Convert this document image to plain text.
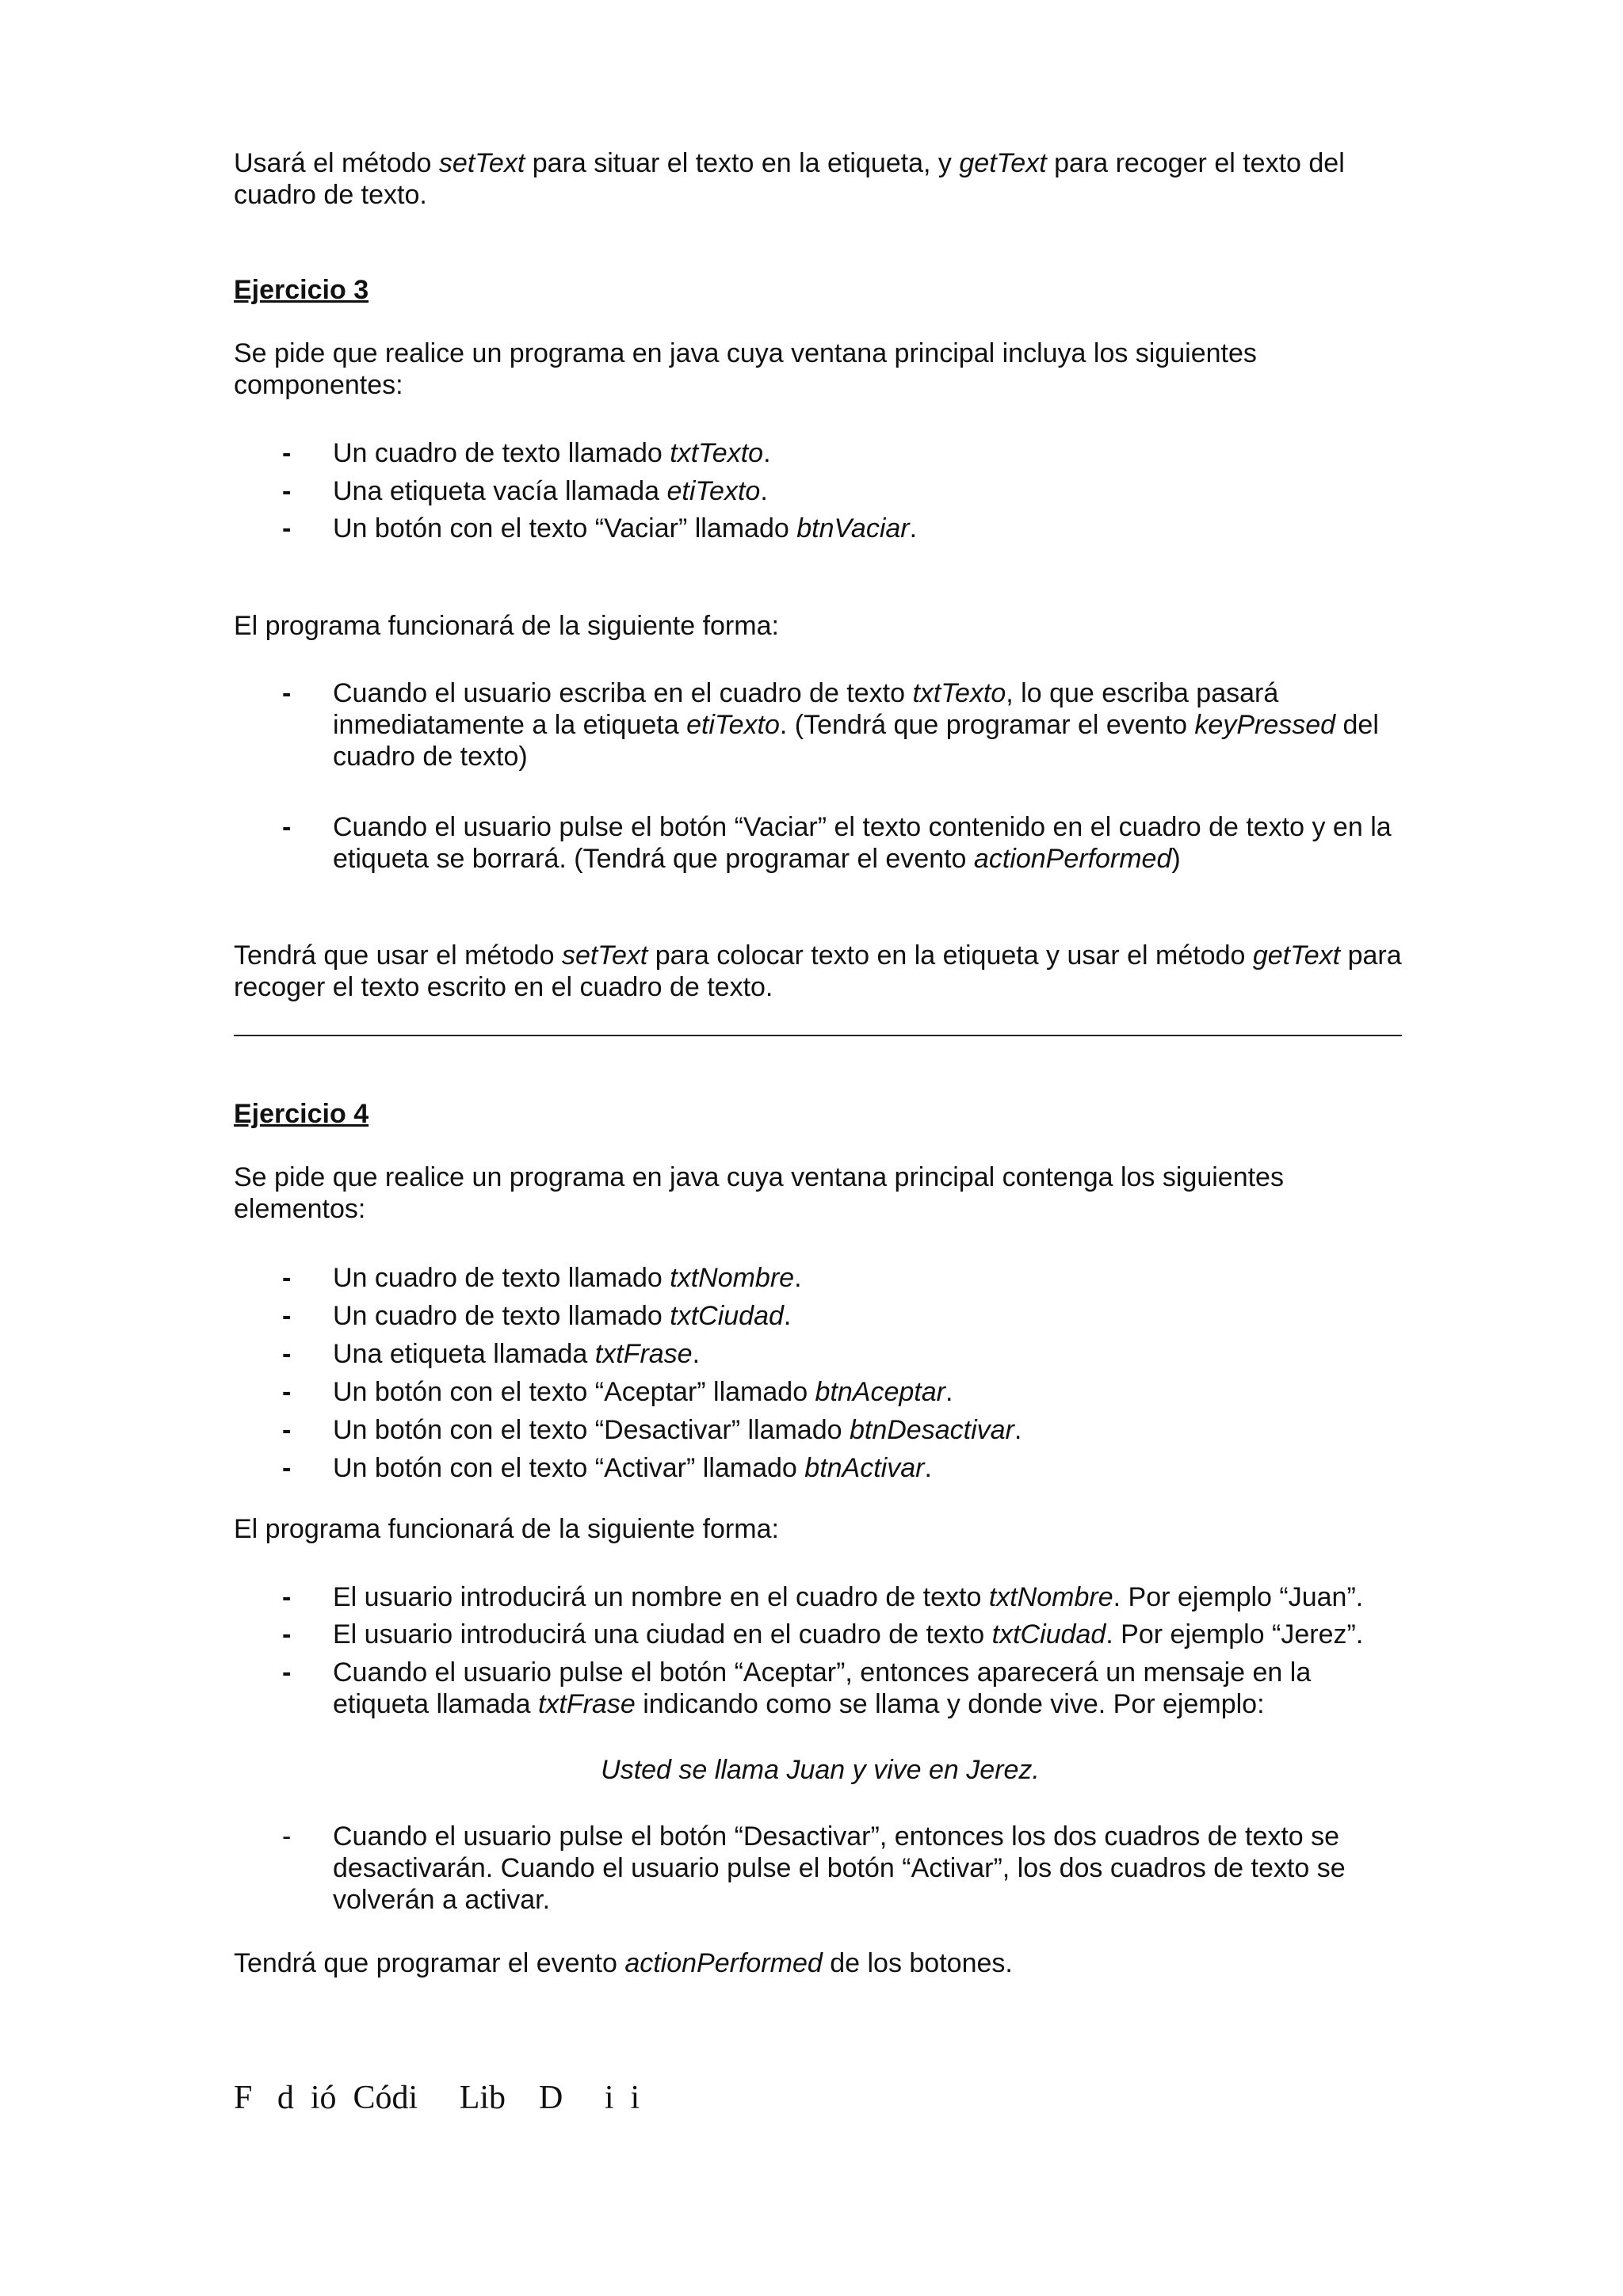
Usará el método setText para situar el texto en la etiqueta, y getText para recoger el texto del cuadro de texto.

Ejercicio 3

Se pide que realice un programa en java cuya ventana principal incluya los siguientes componentes:

- Un cuadro de texto llamado txtTexto.
- Una etiqueta vacía llamada etiTexto.
- Un botón con el texto “Vaciar” llamado btnVaciar.

El programa funcionará de la siguiente forma:

- Cuando el usuario escriba en el cuadro de texto txtTexto, lo que escriba pasará inmediatamente a la etiqueta etiTexto. (Tendrá que programar el evento keyPressed del cuadro de texto)
- Cuando el usuario pulse el botón “Vaciar” el texto contenido en el cuadro de texto y en la etiqueta se borrará. (Tendrá que programar el evento actionPerformed)

Tendrá que usar el método setText para colocar texto en la etiqueta y usar el método getText para recoger el texto escrito en el cuadro de texto.

Ejercicio 4

Se pide que realice un programa en java cuya ventana principal contenga los siguientes elementos:

- Un cuadro de texto llamado txtNombre.
- Un cuadro de texto llamado txtCiudad.
- Una etiqueta llamada txtFrase.
- Un botón con el texto “Aceptar” llamado btnAceptar.
- Un botón con el texto “Desactivar” llamado btnDesactivar.
- Un botón con el texto “Activar” llamado btnActivar.

El programa funcionará de la siguiente forma:

- El usuario introducirá un nombre en el cuadro de texto txtNombre. Por ejemplo “Juan”.
- El usuario introducirá una ciudad en el cuadro de texto txtCiudad. Por ejemplo “Jerez”.
- Cuando el usuario pulse el botón “Aceptar”, entonces aparecerá un mensaje en la etiqueta llamada txtFrase indicando como se llama y donde vive. Por ejemplo:
Usted se llama Juan y vive en Jerez.
- Cuando el usuario pulse el botón “Desactivar”, entonces los dos cuadros de texto se desactivarán. Cuando el usuario pulse el botón “Activar”, los dos cuadros de texto se volverán a activar.

Tendrá que programar el evento actionPerformed de los botones.

F   d  ió  Códi     Lib    D     i  i
